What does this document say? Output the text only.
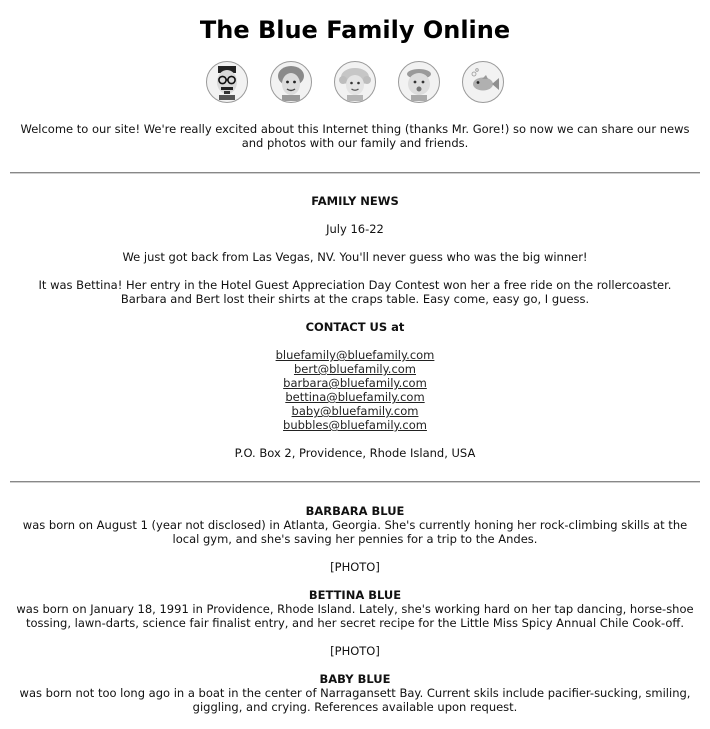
The Blue Family Online
Welcome to our site! We're really excited about this Internet thing (thanks Mr. Gore!) so now we can share our news and photos with our family and friends.
FAMILY NEWS
July 16-22
We just got back from Las Vegas, NV. You'll never guess who was the big winner!
It was Bettina! Her entry in the Hotel Guest Appreciation Day Contest won her a free ride on the rollercoaster. Barbara and Bert lost their shirts at the craps table. Easy come, easy go, I guess.
CONTACT US at
bluefamily@bluefamily.com
bert@bluefamily.com
barbara@bluefamily.com
bettina@bluefamily.com
baby@bluefamily.com
bubbles@bluefamily.com
P.O. Box 2, Providence, Rhode Island, USA
BARBARA BLUE
was born on August 1 (year not disclosed) in Atlanta, Georgia. She's currently honing her rock-climbing skills at the local gym, and she's saving her pennies for a trip to the Andes.
[PHOTO]
BETTINA BLUE
was born on January 18, 1991 in Providence, Rhode Island. Lately, she's working hard on her tap dancing, horse-shoe tossing, lawn-darts, science fair finalist entry, and her secret recipe for the Little Miss Spicy Annual Chile Cook-off.
[PHOTO]
BABY BLUE
was born not too long ago in a boat in the center of Narragansett Bay. Current skils include pacifier-sucking, smiling, giggling, and crying. References available upon request.
